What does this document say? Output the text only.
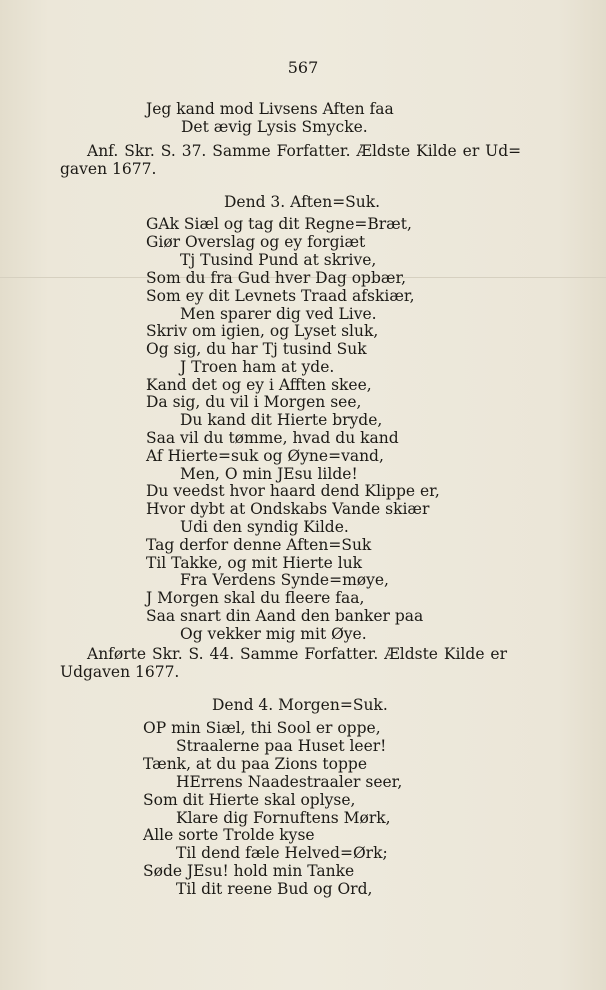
567
Jeg kand mod Livsens Aften faa
Det ævig Lysis Smycke.
Anf. Skr. S. 37. Samme Forfatter. Ældste Kilde er Ud=
gaven 1677.
Dend 3. Aften=Suk.
GAk Siæl og tag dit Regne=Bræt,
Giør Overslag og ey forgiæt
Tj Tusind Pund at skrive,
Som du fra Gud hver Dag opbær,
Som ey dit Levnets Traad afskiær,
Men sparer dig ved Live.
Skriv om igien, og Lyset sluk,
Og sig, du har Tj tusind Suk
J Troen ham at yde.
Kand det og ey i Afften skee,
Da sig, du vil i Morgen see,
Du kand dit Hierte bryde,
Saa vil du tømme, hvad du kand
Af Hierte=suk og Øyne=vand,
Men, O min JEsu lilde!
Du veedst hvor haard dend Klippe er,
Hvor dybt at Ondskabs Vande skiær
Udi den syndig Kilde.
Tag derfor denne Aften=Suk
Til Takke, og mit Hierte luk
Fra Verdens Synde=møye,
J Morgen skal du fleere faa,
Saa snart din Aand den banker paa
Og vekker mig mit Øye.
Anførte Skr. S. 44. Samme Forfatter. Ældste Kilde er
Udgaven 1677.
Dend 4. Morgen=Suk.
OP min Siæl, thi Sool er oppe,
Straalerne paa Huset leer!
Tænk, at du paa Zions toppe
HErrens Naadestraaler seer,
Som dit Hierte skal oplyse,
Klare dig Fornuftens Mørk,
Alle sorte Trolde kyse
Til dend fæle Helved=Ørk;
Søde JEsu! hold min Tanke
Til dit reene Bud og Ord,
